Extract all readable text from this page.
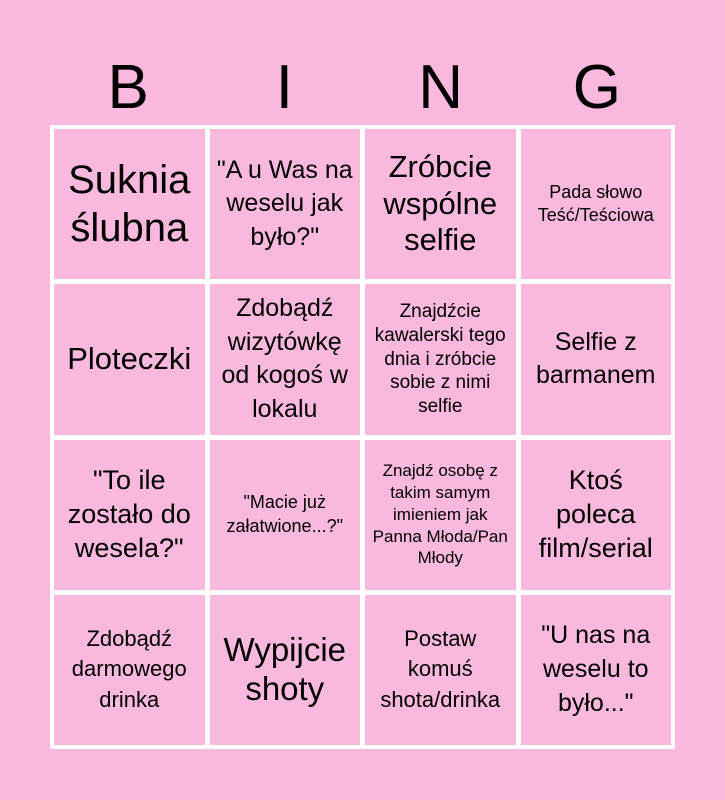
B	I	N	G
Suknia ślubna
"A u Was na weselu jak było?"
Zróbcie wspólne selfie
Pada słowo Teść/Teściowa
Ploteczki
Zdobądź wizytówkę od kogoś w lokalu
Znajdźcie kawalerski tego dnia i zróbcie sobie z nimi selfie
Selfie z barmanem
"To ile zostało do wesela?"
"Macie już załatwione...?"
Znajdź osobę z takim samym imieniem jak Panna Młoda/Pan Młody
Ktoś poleca film/serial
Zdobądź darmowego drinka
Wypijcie shoty
Postaw komuś shota/drinka
"U nas na weselu to było..."
